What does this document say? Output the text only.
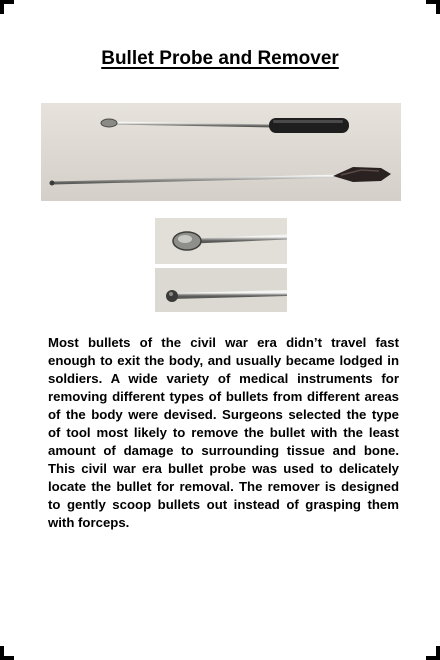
Bullet Probe and Remover

Most bullets of the civil war era didn’t travel fast enough to exit the body, and usually became lodged in soldiers. A wide variety of medical instruments for removing different types of bullets from different areas of the body were devised. Surgeons selected the type of tool most likely to remove the bullet with the least amount of damage to surrounding tissue and bone. This civil war era bullet probe was used to delicately locate the bullet for removal. The remover is designed to gently scoop bullets out instead of grasping them with forceps.
